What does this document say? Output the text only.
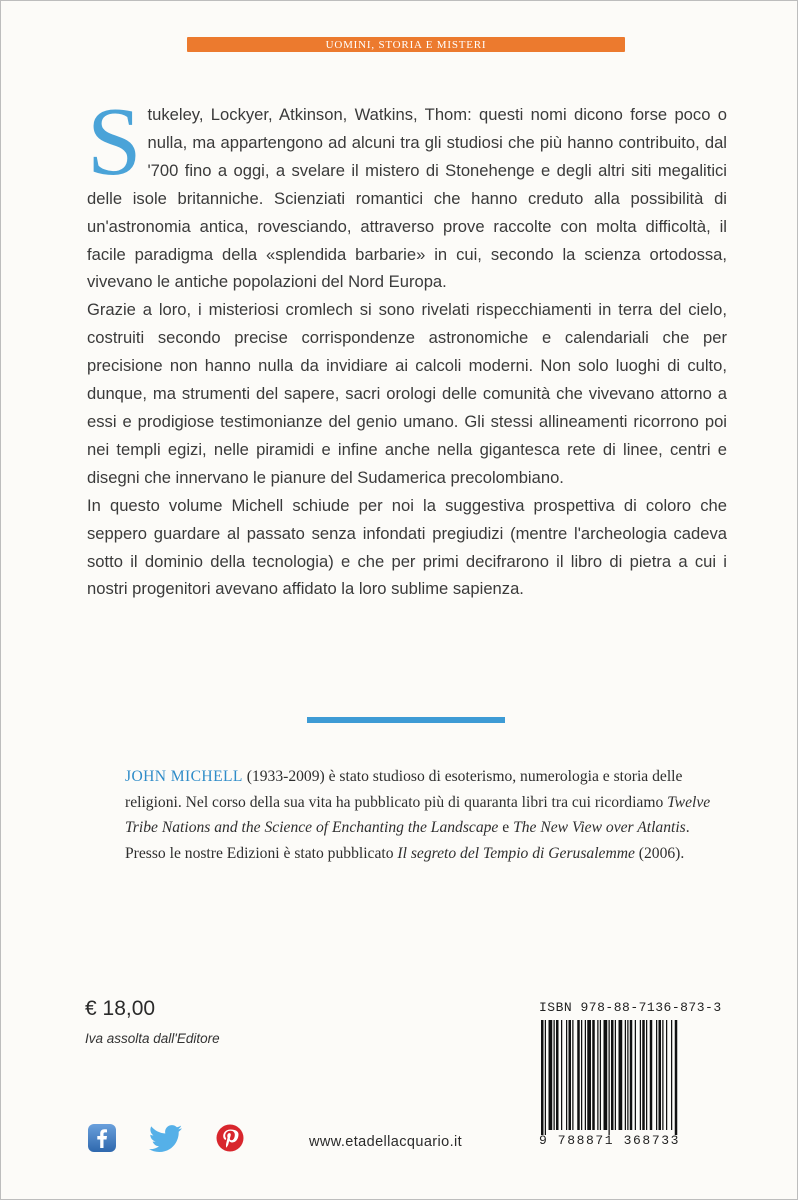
UOMINI, STORIA E MISTERI

Stukeley, Lockyer, Atkinson, Watkins, Thom: questi nomi dicono forse poco o nulla, ma appartengono ad alcuni tra gli studiosi che più hanno contribuito, dal '700 fino a oggi, a svelare il mistero di Stonehenge e degli altri siti megalitici delle isole britanniche. Scienziati romantici che hanno creduto alla possibilità di un'astronomia antica, rovesciando, attraverso prove raccolte con molta difficoltà, il facile paradigma della «splendida barbarie» in cui, secondo la scienza ortodossa, vivevano le antiche popolazioni del Nord Europa.

Grazie a loro, i misteriosi cromlech si sono rivelati rispecchiamenti in terra del cielo, costruiti secondo precise corrispondenze astronomiche e calendariali che per precisione non hanno nulla da invidiare ai calcoli moderni. Non solo luoghi di culto, dunque, ma strumenti del sapere, sacri orologi delle comunità che vivevano attorno a essi e prodigiose testimonianze del genio umano. Gli stessi allineamenti ricorrono poi nei templi egizi, nelle piramidi e infine anche nella gigantesca rete di linee, centri e disegni che innervano le pianure del Sudamerica precolombiano.

In questo volume Michell schiude per noi la suggestiva prospettiva di coloro che seppero guardare al passato senza infondati pregiudizi (mentre l'archeologia cadeva sotto il dominio della tecnologia) e che per primi decifrarono il libro di pietra a cui i nostri progenitori avevano affidato la loro sublime sapienza.

JOHN MICHELL (1933-2009) è stato studioso di esoterismo, numerologia e storia delle religioni. Nel corso della sua vita ha pubblicato più di quaranta libri tra cui ricordiamo Twelve Tribe Nations and the Science of Enchanting the Landscape e The New View over Atlantis. Presso le nostre Edizioni è stato pubblicato Il segreto del Tempio di Gerusalemme (2006).
€ 18,00
Iva assolta dall'Editore
ISBN 978-88-7136-873-3
9 788871 368733
www.etadellacquario.it
